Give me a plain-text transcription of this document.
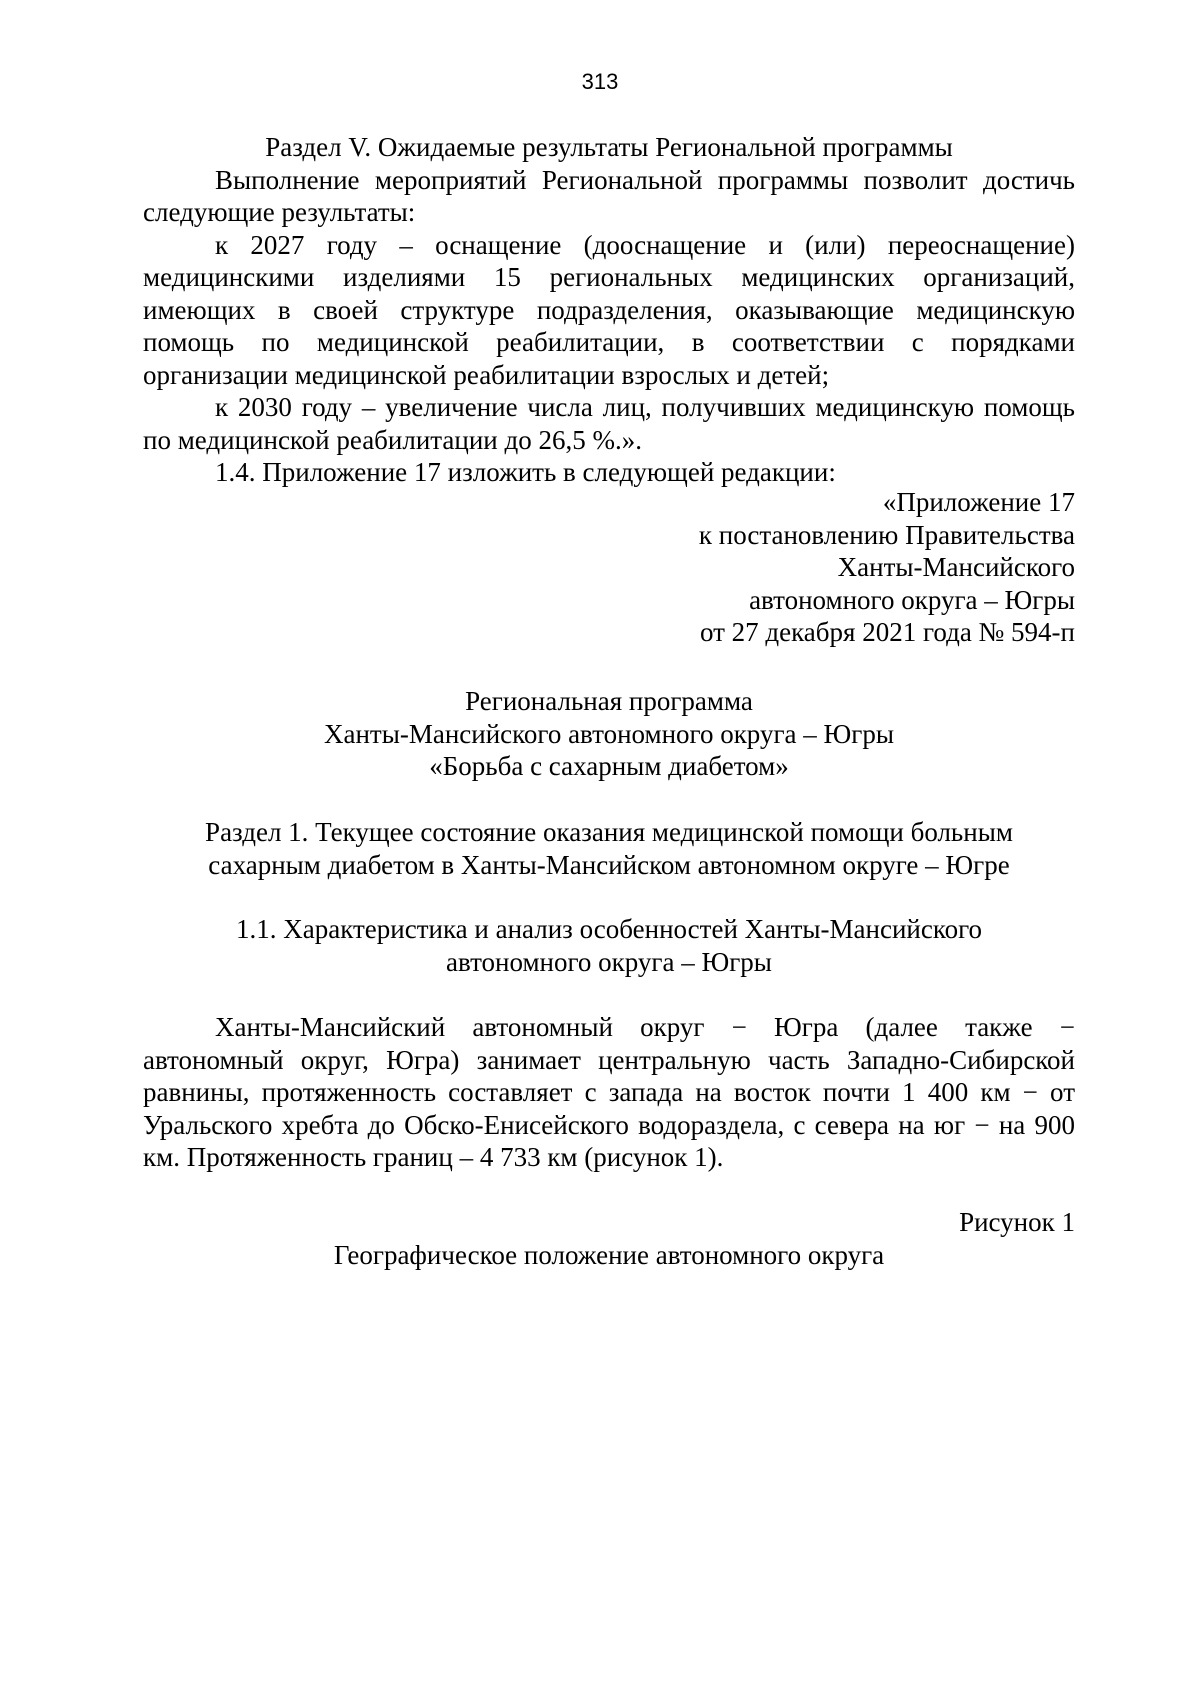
313

Раздел V. Ожидаемые результаты Региональной программы

Выполнение мероприятий Региональной программы позволит достичь следующие результаты:

к 2027 году – оснащение (дооснащение и (или) переоснащение) медицинскими изделиями 15 региональных медицинских организаций, имеющих в своей структуре подразделения, оказывающие медицинскую помощь по медицинской реабилитации, в соответствии с порядками организации медицинской реабилитации взрослых и детей;

к 2030 году – увеличение числа лиц, получивших медицинскую помощь по медицинской реабилитации до 26,5 %.».

1.4. Приложение 17 изложить в следующей редакции:

«Приложение 17

к постановлению Правительства

Ханты-Мансийского

автономного округа – Югры

от 27 декабря 2021 года № 594-п

Региональная программа

Ханты-Мансийского автономного округа – Югры

«Борьба с сахарным диабетом»

Раздел 1. Текущее состояние оказания медицинской помощи больным

сахарным диабетом в Ханты-Мансийском автономном округе – Югре

1.1. Характеристика и анализ особенностей Ханты-Мансийского

автономного округа – Югры

Ханты-Мансийский автономный округ − Югра (далее также − автономный округ, Югра) занимает центральную часть Западно-Сибирской равнины, протяженность составляет с запада на восток почти 1 400 км − от Уральского хребта до Обско-Енисейского водораздела, с севера на юг − на 900 км. Протяженность границ – 4 733 км (рисунок 1).

Рисунок 1

Географическое положение автономного округа
